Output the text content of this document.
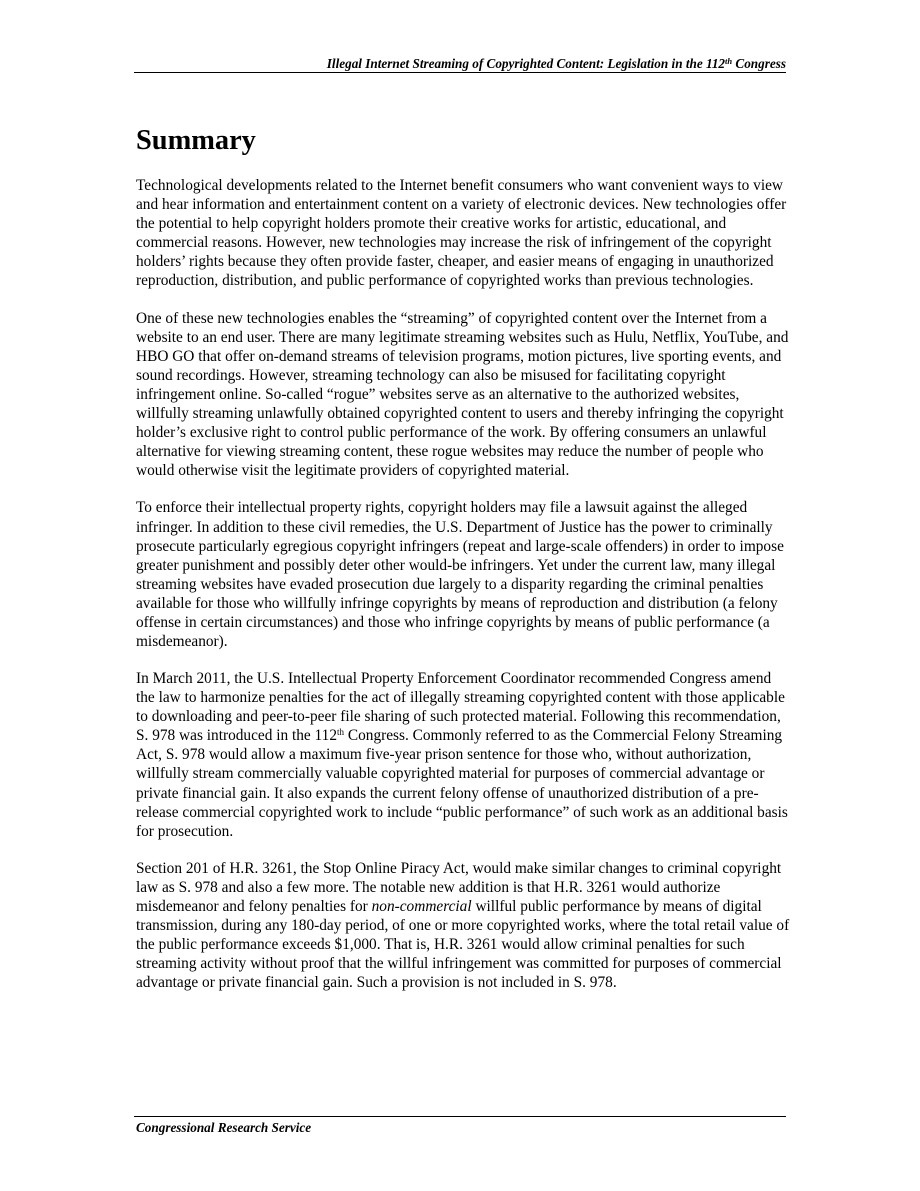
Illegal Internet Streaming of Copyrighted Content: Legislation in the 112th Congress
Summary

Technological developments related to the Internet benefit consumers who want convenient ways to view and hear information and entertainment content on a variety of electronic devices. New technologies offer the potential to help copyright holders promote their creative works for artistic, educational, and commercial reasons. However, new technologies may increase the risk of infringement of the copyright holders’ rights because they often provide faster, cheaper, and easier means of engaging in unauthorized reproduction, distribution, and public performance of copyrighted works than previous technologies.

One of these new technologies enables the “streaming” of copyrighted content over the Internet from a website to an end user. There are many legitimate streaming websites such as Hulu, Netflix, YouTube, and HBO GO that offer on-demand streams of television programs, motion pictures, live sporting events, and sound recordings. However, streaming technology can also be misused for facilitating copyright infringement online. So-called “rogue” websites serve as an alternative to the authorized websites, willfully streaming unlawfully obtained copyrighted content to users and thereby infringing the copyright holder’s exclusive right to control public performance of the work. By offering consumers an unlawful alternative for viewing streaming content, these rogue websites may reduce the number of people who would otherwise visit the legitimate providers of copyrighted material.

To enforce their intellectual property rights, copyright holders may file a lawsuit against the alleged infringer. In addition to these civil remedies, the U.S. Department of Justice has the power to criminally prosecute particularly egregious copyright infringers (repeat and large-scale offenders) in order to impose greater punishment and possibly deter other would-be infringers. Yet under the current law, many illegal streaming websites have evaded prosecution due largely to a disparity regarding the criminal penalties available for those who willfully infringe copyrights by means of reproduction and distribution (a felony offense in certain circumstances) and those who infringe copyrights by means of public performance (a misdemeanor).

In March 2011, the U.S. Intellectual Property Enforcement Coordinator recommended Congress amend the law to harmonize penalties for the act of illegally streaming copyrighted content with those applicable to downloading and peer-to-peer file sharing of such protected material. Following this recommendation, S. 978 was introduced in the 112th Congress. Commonly referred to as the Commercial Felony Streaming Act, S. 978 would allow a maximum five-year prison sentence for those who, without authorization, willfully stream commercially valuable copyrighted material for purposes of commercial advantage or private financial gain. It also expands the current felony offense of unauthorized distribution of a pre-release commercial copyrighted work to include “public performance” of such work as an additional basis for prosecution.

Section 201 of H.R. 3261, the Stop Online Piracy Act, would make similar changes to criminal copyright law as S. 978 and also a few more. The notable new addition is that H.R. 3261 would authorize misdemeanor and felony penalties for non-commercial willful public performance by means of digital transmission, during any 180-day period, of one or more copyrighted works, where the total retail value of the public performance exceeds $1,000. That is, H.R. 3261 would allow criminal penalties for such streaming activity without proof that the willful infringement was committed for purposes of commercial advantage or private financial gain. Such a provision is not included in S. 978.

Congressional Research Service
